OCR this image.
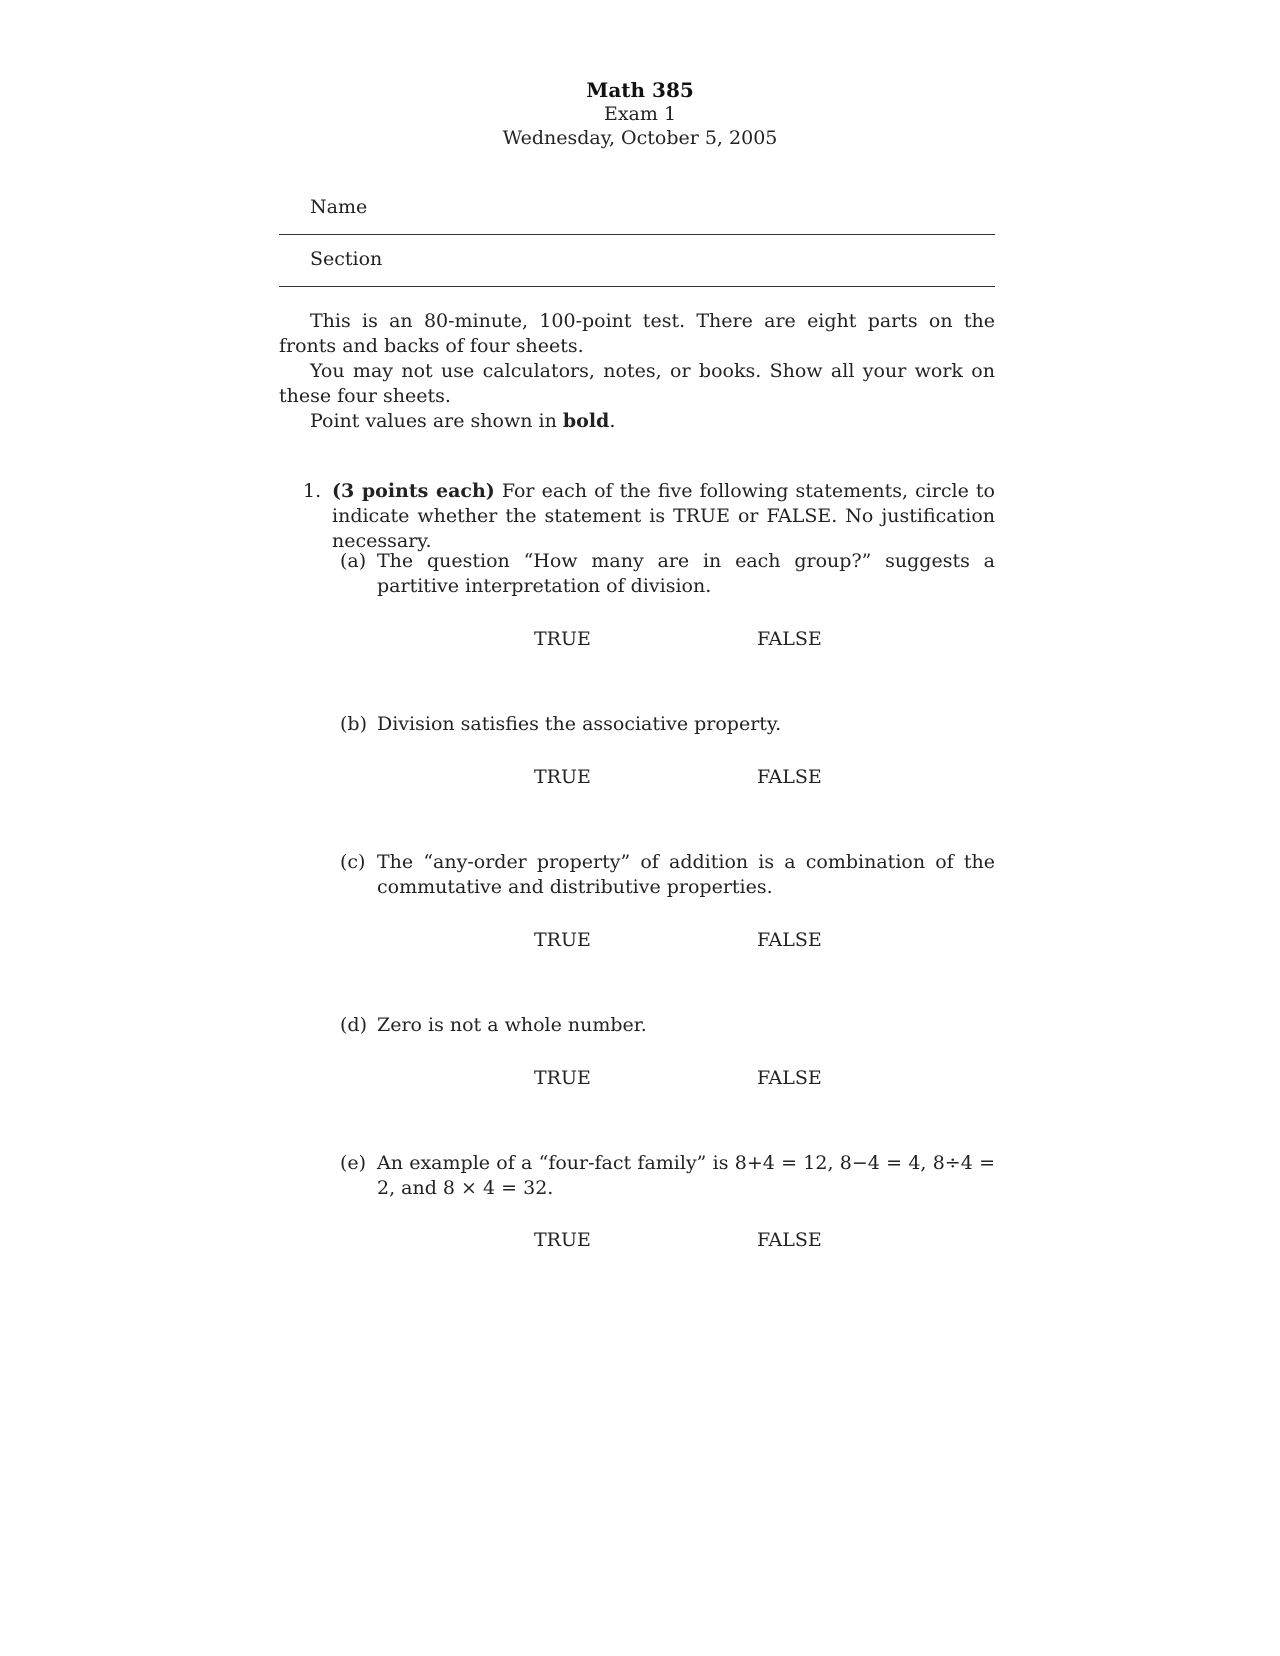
Math 385
Exam 1
Wednesday, October 5, 2005
Name
Section

This is an 80-minute, 100-point test. There are eight parts on the fronts and backs of four sheets.

You may not use calculators, notes, or books. Show all your work on these four sheets.

Point values are shown in bold.

1. (3 points each) For each of the five following statements, circle to indicate whether the statement is TRUE or FALSE. No justification necessary.
(a) The question “How many are in each group?” suggests a partitive interpretation of division.
TRUE	FALSE
(b) Division satisfies the associative property.
TRUE	FALSE
(c) The “any-order property” of addition is a combination of the commutative and distributive properties.
TRUE	FALSE
(d) Zero is not a whole number.
TRUE	FALSE
(e) An example of a “four-fact family” is 8+4 = 12, 8−4 = 4, 8÷4 = 2, and 8 × 4 = 32.
TRUE	FALSE
